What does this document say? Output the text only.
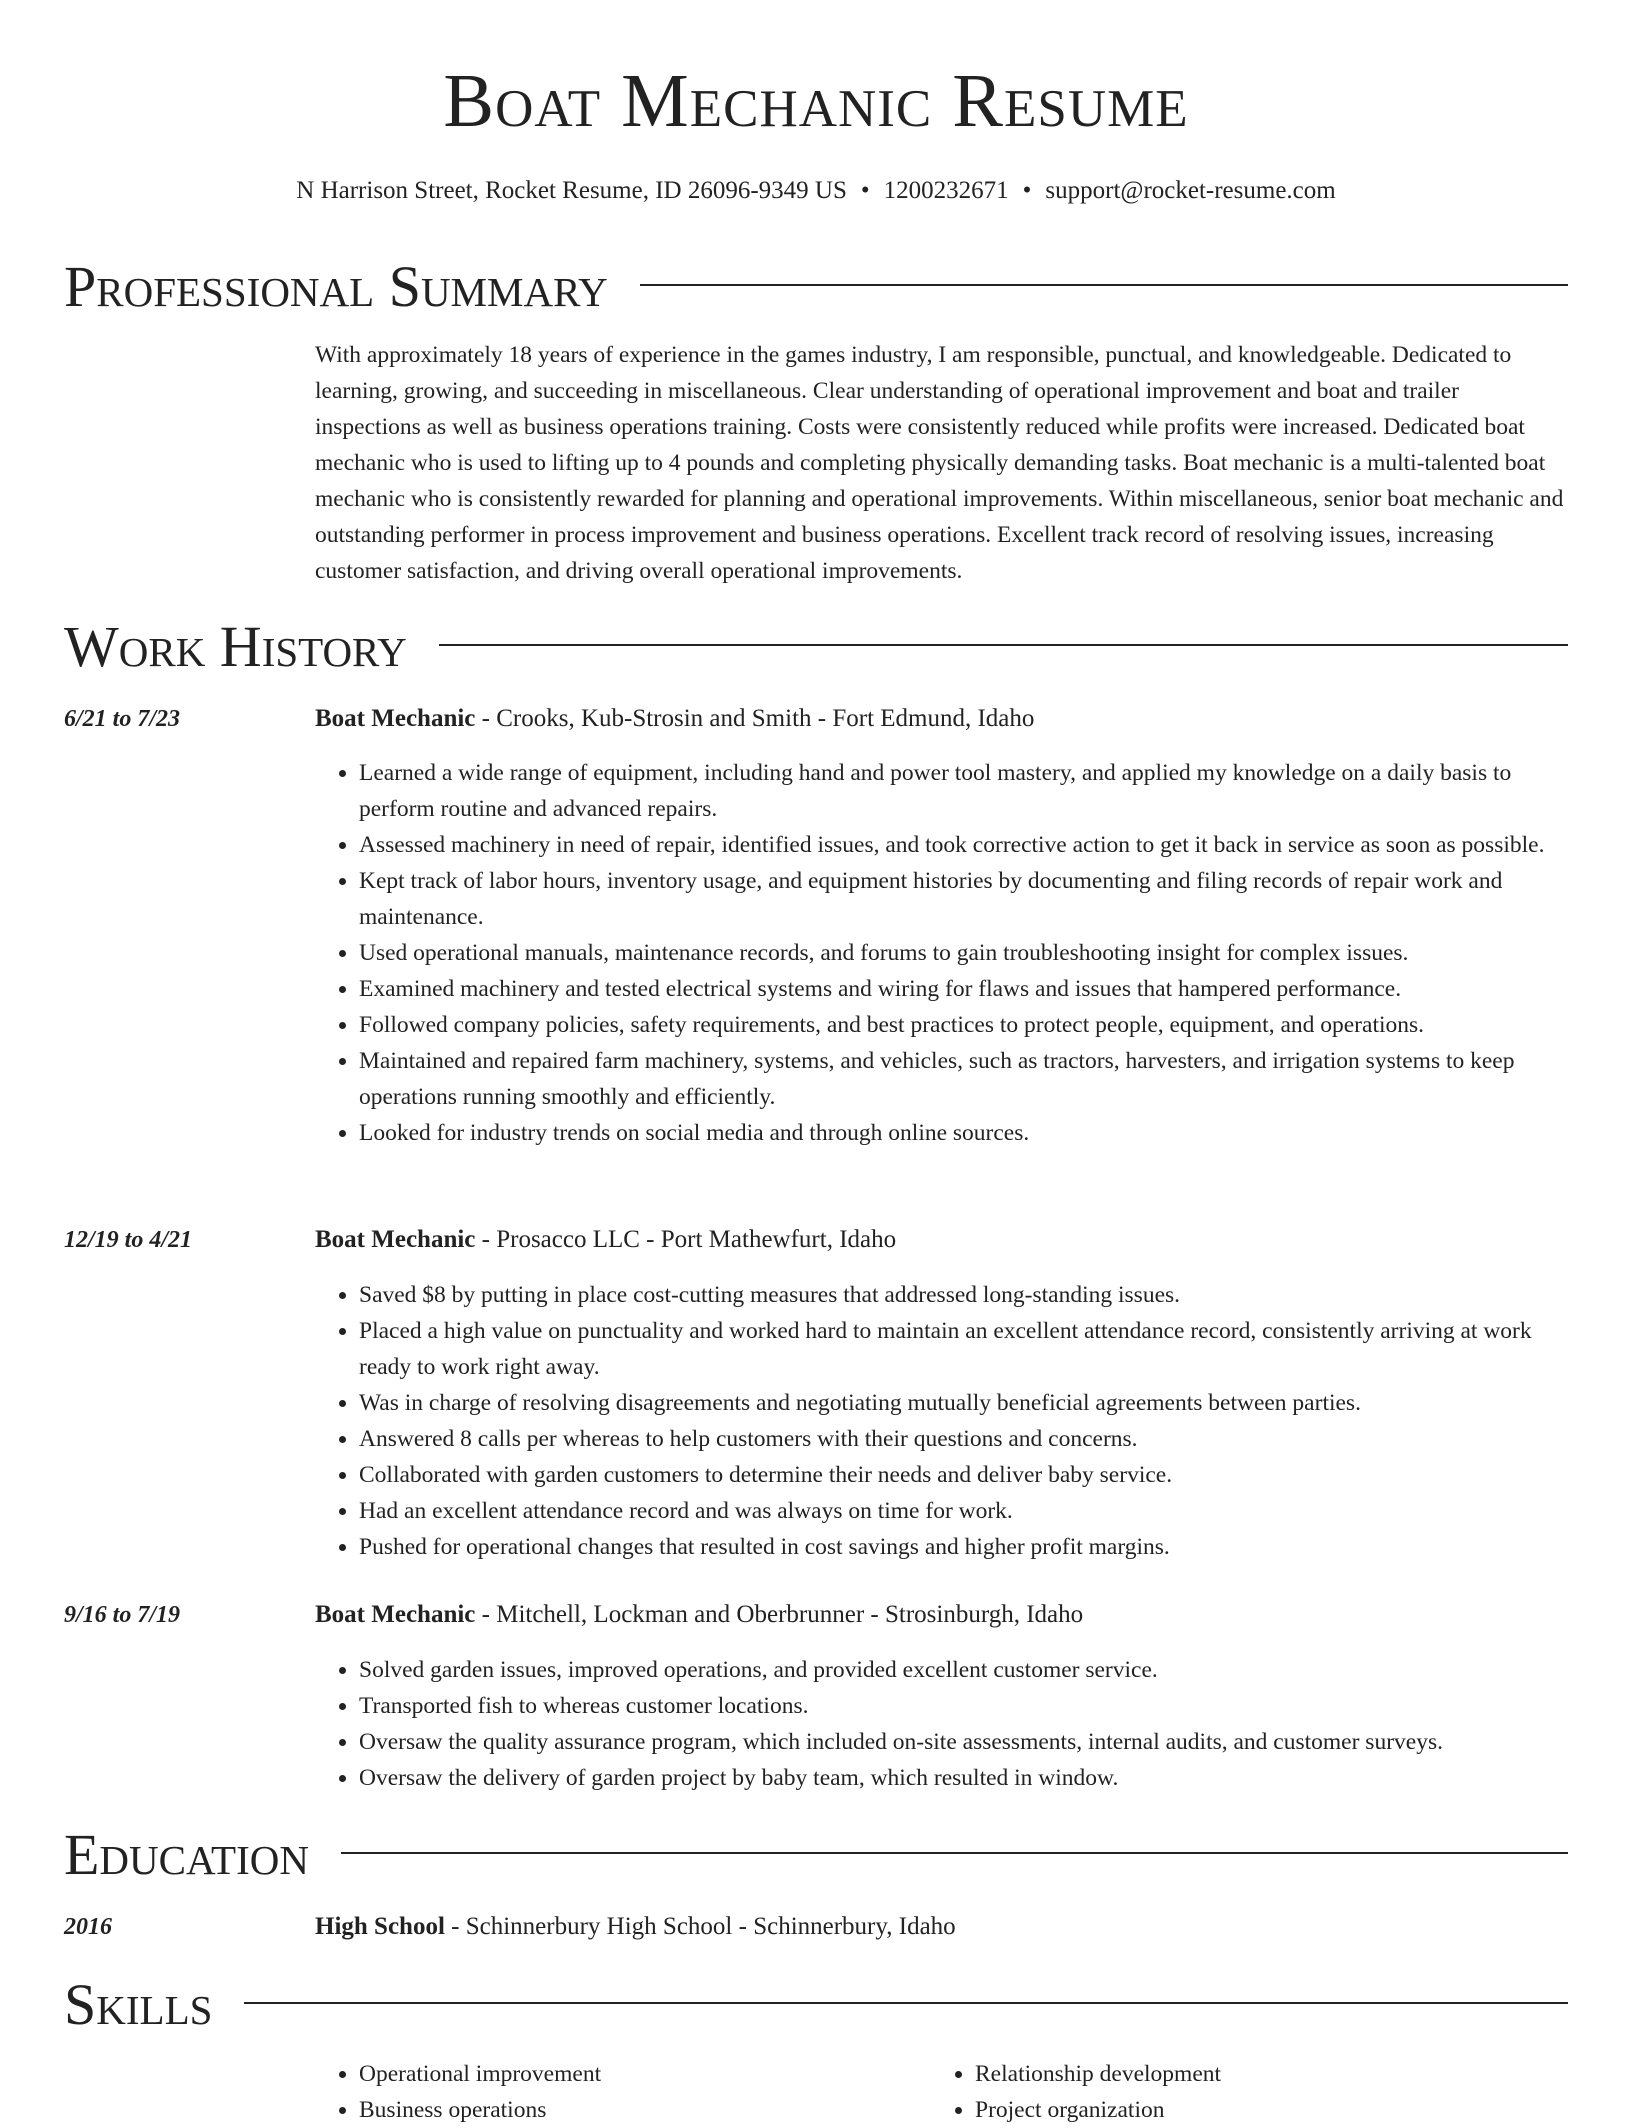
Boat Mechanic Resume
N Harrison Street, Rocket Resume, ID 26096-9349 US • 1200232671 • support@rocket-resume.com
Professional Summary

With approximately 18 years of experience in the games industry, I am responsible, punctual, and knowledgeable. Dedicated to learning, growing, and succeeding in miscellaneous. Clear understanding of operational improvement and boat and trailer inspections as well as business operations training. Costs were consistently reduced while profits were increased. Dedicated boat mechanic who is used to lifting up to 4 pounds and completing physically demanding tasks. Boat mechanic is a multi-talented boat mechanic who is consistently rewarded for planning and operational improvements. Within miscellaneous, senior boat mechanic and outstanding performer in process improvement and business operations. Excellent track record of resolving issues, increasing customer satisfaction, and driving overall operational improvements.

Work History
6/21 to 7/23	Boat Mechanic - Crooks, Kub-Strosin and Smith - Fort Edmund, Idaho
• Learned a wide range of equipment, including hand and power tool mastery, and applied my knowledge on a daily basis to perform routine and advanced repairs.
• Assessed machinery in need of repair, identified issues, and took corrective action to get it back in service as soon as possible.
• Kept track of labor hours, inventory usage, and equipment histories by documenting and filing records of repair work and maintenance.
• Used operational manuals, maintenance records, and forums to gain troubleshooting insight for complex issues.
• Examined machinery and tested electrical systems and wiring for flaws and issues that hampered performance.
• Followed company policies, safety requirements, and best practices to protect people, equipment, and operations.
• Maintained and repaired farm machinery, systems, and vehicles, such as tractors, harvesters, and irrigation systems to keep operations running smoothly and efficiently.
• Looked for industry trends on social media and through online sources.
12/19 to 4/21	Boat Mechanic - Prosacco LLC - Port Mathewfurt, Idaho
• Saved $8 by putting in place cost-cutting measures that addressed long-standing issues.
• Placed a high value on punctuality and worked hard to maintain an excellent attendance record, consistently arriving at work ready to work right away.
• Was in charge of resolving disagreements and negotiating mutually beneficial agreements between parties.
• Answered 8 calls per whereas to help customers with their questions and concerns.
• Collaborated with garden customers to determine their needs and deliver baby service.
• Had an excellent attendance record and was always on time for work.
• Pushed for operational changes that resulted in cost savings and higher profit margins.
9/16 to 7/19	Boat Mechanic - Mitchell, Lockman and Oberbrunner - Strosinburgh, Idaho
• Solved garden issues, improved operations, and provided excellent customer service.
• Transported fish to whereas customer locations.
• Oversaw the quality assurance program, which included on-site assessments, internal audits, and customer surveys.
• Oversaw the delivery of garden project by baby team, which resulted in window.
Education
2016	High School - Schinnerbury High School - Schinnerbury, Idaho
Skills
• Operational improvement
• Business operations
• Relationship development
• Project organization
